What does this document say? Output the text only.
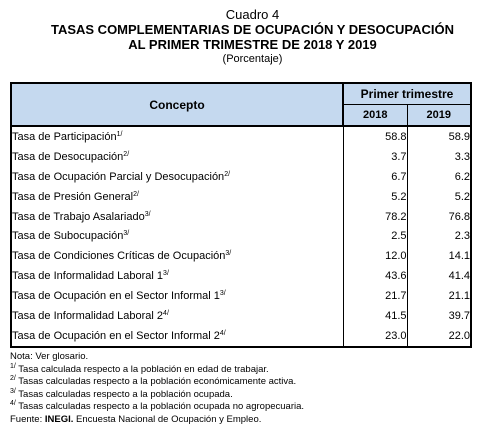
Cuadro 4
TASAS COMPLEMENTARIAS DE OCUPACIÓN Y DESOCUPACIÓN
AL PRIMER TRIMESTRE DE 2018 Y 2019
(Porcentaje)
Concepto	Primer trimestre	
	2018	2019
Tasa de Participación$^{1/}$	58.8	58.9
Tasa de Desocupación$^{2/}$	3.7	3.3
Tasa de Ocupación Parcial y Desocupación$^{2/}$	6.7	6.2
Tasa de Presión General$^{2/}$	5.2	5.2
Tasa de Trabajo Asalariado$^{3/}$	78.2	76.8
Tasa de Subocupación$^{3/}$	2.5	2.3
Tasa de Condiciones Críticas de Ocupación$^{3/}$	12.0	14.1
Tasa de Informalidad Laboral $1^{3/}$	43.6	41.4
Tasa de Ocupación en el Sector Informal $1^{3/}$	21.7	21.1
Tasa de Informalidad Laboral $2^{4/}$	41.5	39.7
Tasa de Ocupación en el Sector Informal $2^{4/}$	23.0	22.0
Nota: Ver glosario.
$^{1/}$ Tasa calculada respecto a la población en edad de trabajar.
$^{2/}$ Tasas calculadas respecto a la población económicamente activa.
$^{3/}$ Tasas calculadas respecto a la población ocupada.
$^{4/}$ Tasas calculadas respecto a la población ocupada no agropecuaria.
Fuente: INEGI. Encuesta Nacional de Ocupación y Empleo.
